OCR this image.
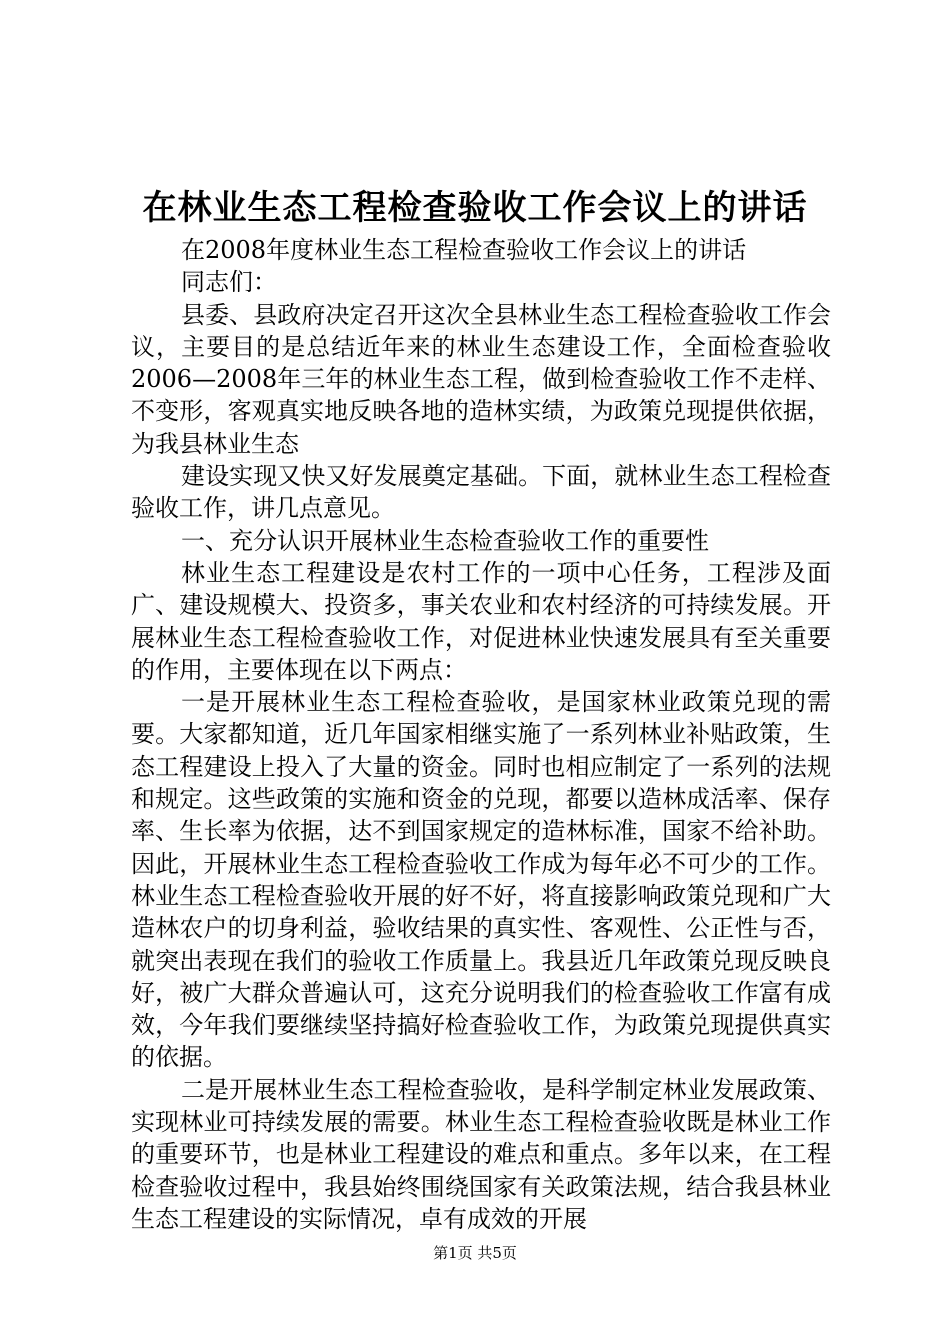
在林业生态工程检查验收工作会议上的讲话

在2008年度林业生态工程检查验收工作会议上的讲话

同志们：

县委、县政府决定召开这次全县林业生态工程检查验收工作会议，主要目的是总结近年来的林业生态建设工作，全面检查验收2006—2008年三年的林业生态工程，做到检查验收工作不走样、不变形，客观真实地反映各地的造林实绩，为政策兑现提供依据，为我县林业生态

建设实现又快又好发展奠定基础。下面，就林业生态工程检查验收工作，讲几点意见。

一、充分认识开展林业生态检查验收工作的重要性

林业生态工程建设是农村工作的一项中心任务，工程涉及面广、建设规模大、投资多，事关农业和农村经济的可持续发展。开展林业生态工程检查验收工作，对促进林业快速发展具有至关重要的作用，主要体现在以下两点：

一是开展林业生态工程检查验收，是国家林业政策兑现的需要。大家都知道，近几年国家相继实施了一系列林业补贴政策，生态工程建设上投入了大量的资金。同时也相应制定了一系列的法规和规定。这些政策的实施和资金的兑现，都要以造林成活率、保存率、生长率为依据，达不到国家规定的造林标准，国家不给补助。因此，开展林业生态工程检查验收工作成为每年必不可少的工作。林业生态工程检查验收开展的好不好，将直接影响政策兑现和广大造林农户的切身利益，验收结果的真实性、客观性、公正性与否，就突出表现在我们的验收工作质量上。我县近几年政策兑现反映良好，被广大群众普遍认可，这充分说明我们的检查验收工作富有成效，今年我们要继续坚持搞好检查验收工作，为政策兑现提供真实的依据。

二是开展林业生态工程检查验收，是科学制定林业发展政策、实现林业可持续发展的需要。林业生态工程检查验收既是林业工作的重要环节，也是林业工程建设的难点和重点。多年以来，在工程检查验收过程中，我县始终围绕国家有关政策法规，结合我县林业生态工程建设的实际情况，卓有成效的开展

第1页 共5页
